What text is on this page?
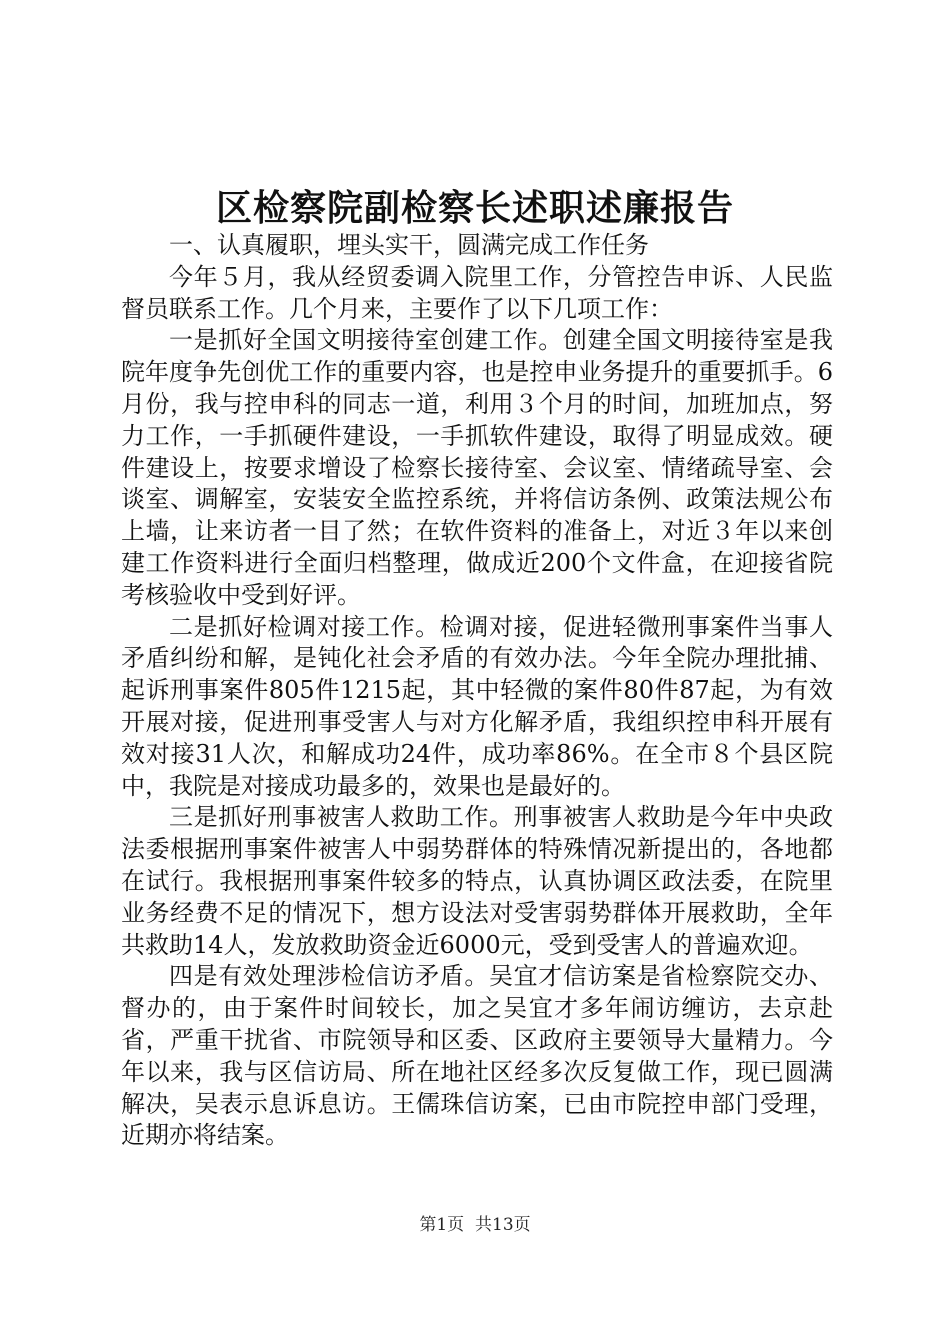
区检察院副检察长述职述廉报告

一、认真履职，埋头实干，圆满完成工作任务

今年５月，我从经贸委调入院里工作，分管控告申诉、人民监督员联系工作。几个月来，主要作了以下几项工作：

一是抓好全国文明接待室创建工作。创建全国文明接待室是我院年度争先创优工作的重要内容，也是控申业务提升的重要抓手。6月份，我与控申科的同志一道，利用３个月的时间，加班加点，努力工作，一手抓硬件建设，一手抓软件建设，取得了明显成效。硬件建设上，按要求增设了检察长接待室、会议室、情绪疏导室、会谈室、调解室，安装安全监控系统，并将信访条例、政策法规公布上墙，让来访者一目了然；在软件资料的准备上，对近３年以来创建工作资料进行全面归档整理，做成近200个文件盒，在迎接省院考核验收中受到好评。

二是抓好检调对接工作。检调对接，促进轻微刑事案件当事人矛盾纠纷和解，是钝化社会矛盾的有效办法。今年全院办理批捕、起诉刑事案件805件1215起，其中轻微的案件80件87起，为有效开展对接，促进刑事受害人与对方化解矛盾，我组织控申科开展有效对接31人次，和解成功24件，成功率86%。在全市８个县区院中，我院是对接成功最多的，效果也是最好的。

三是抓好刑事被害人救助工作。刑事被害人救助是今年中央政法委根据刑事案件被害人中弱势群体的特殊情况新提出的，各地都在试行。我根据刑事案件较多的特点，认真协调区政法委，在院里业务经费不足的情况下，想方设法对受害弱势群体开展救助，全年共救助14人，发放救助资金近6000元，受到受害人的普遍欢迎。

四是有效处理涉检信访矛盾。吴宜才信访案是省检察院交办、督办的，由于案件时间较长，加之吴宜才多年闹访缠访，去京赴省，严重干扰省、市院领导和区委、区政府主要领导大量精力。今年以来，我与区信访局、所在地社区经多次反复做工作，现已圆满解决，吴表示息诉息访。王儒珠信访案，已由市院控申部门受理，近期亦将结案。

第1页 共13页
